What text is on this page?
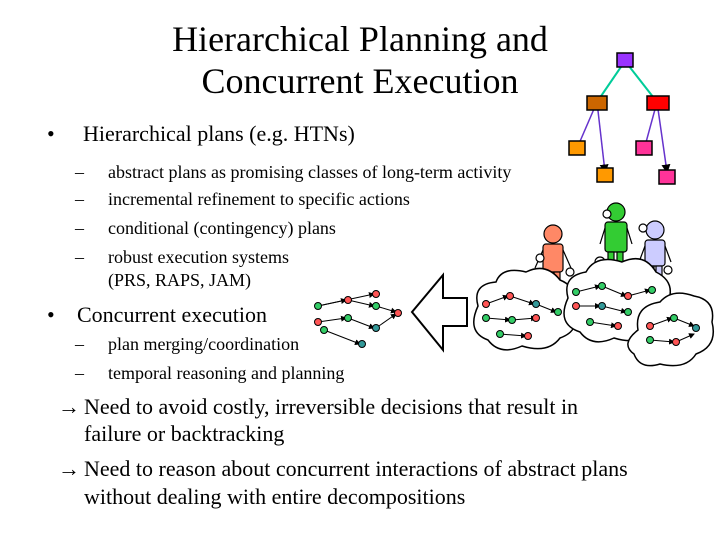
Hierarchical Planning and
Concurrent Execution
• Hierarchical plans (e.g. HTNs)
– abstract plans as promising classes of long-term activity
– incremental refinement to specific actions
– conditional (contingency) plans
– robust execution systems
(PRS, RAPS, JAM)
• Concurrent execution
– plan merging/coordination
– temporal reasoning and planning
→ Need to avoid costly, irreversible decisions that result in
failure or backtracking
→ Need to reason about concurrent interactions of abstract plans
without dealing with entire decompositions
